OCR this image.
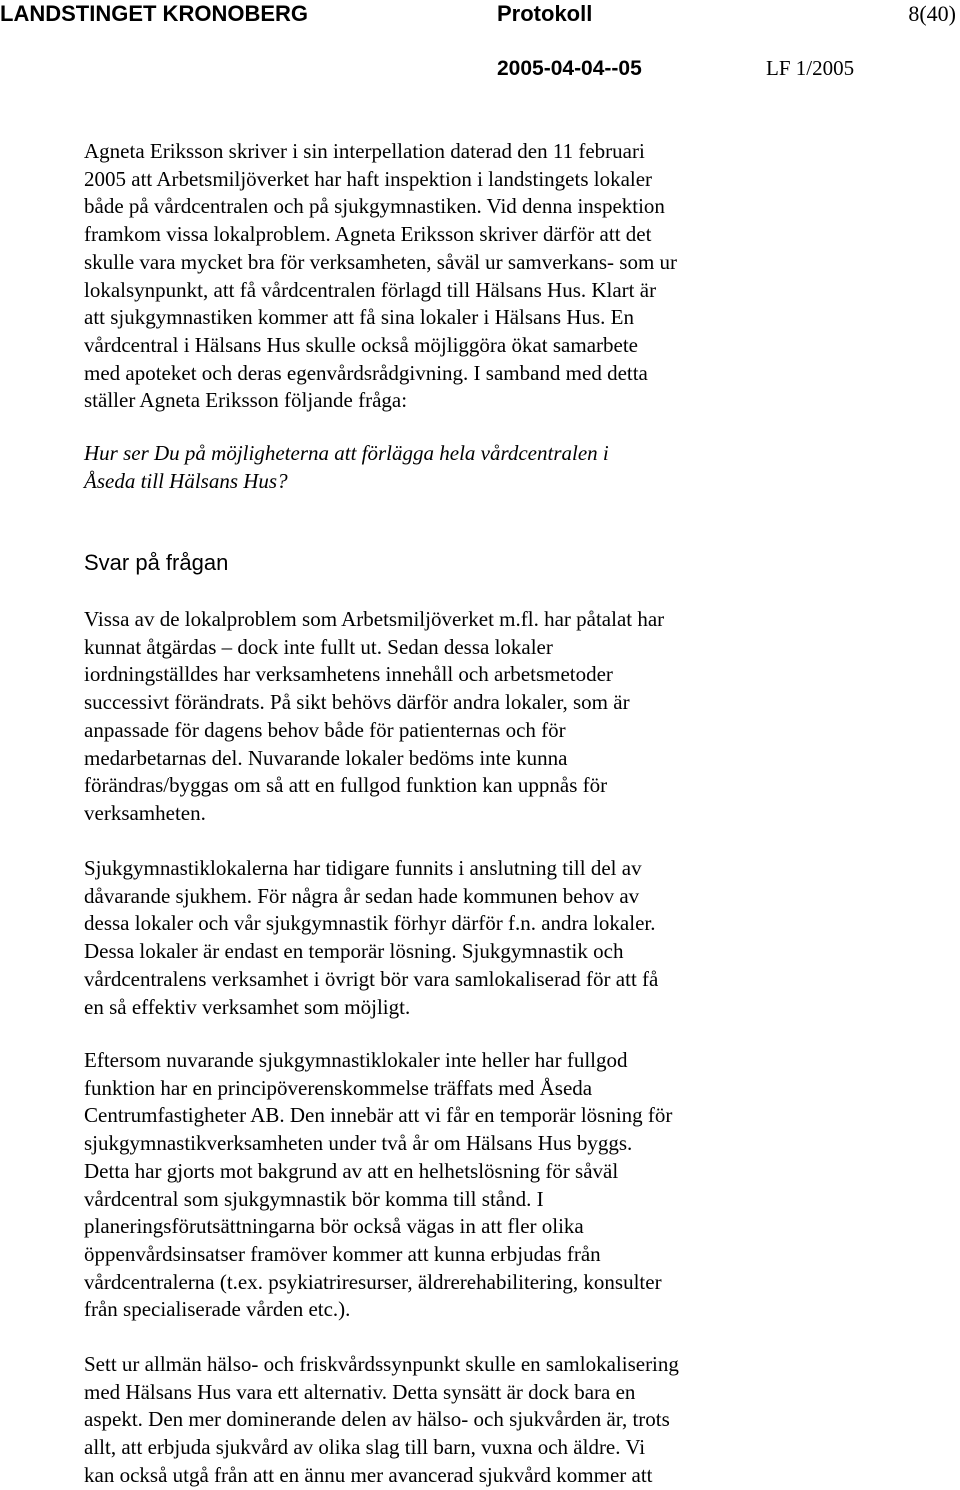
LANDSTINGET KRONOBERG	Protokoll	8(40)
2005-04-04--05	LF 1/2005
Agneta Eriksson skriver i sin interpellation daterad den 11 februari
2005 att Arbetsmiljöverket har haft inspektion i landstingets lokaler
både på vårdcentralen och på sjukgymnastiken. Vid denna inspektion
framkom vissa lokalproblem. Agneta Eriksson skriver därför att det
skulle vara mycket bra för verksamheten, såväl ur samverkans- som ur
lokalsynpunkt, att få vårdcentralen förlagd till Hälsans Hus. Klart är
att sjukgymnastiken kommer att få sina lokaler i Hälsans Hus. En
vårdcentral i Hälsans Hus skulle också möjliggöra ökat samarbete
med apoteket och deras egenvårdsrådgivning. I samband med detta
ställer Agneta Eriksson följande fråga:
Hur ser Du på möjligheterna att förlägga hela vårdcentralen i
Åseda till Hälsans Hus?
Svar på frågan
Vissa av de lokalproblem som Arbetsmiljöverket m.fl. har påtalat har
kunnat åtgärdas – dock inte fullt ut. Sedan dessa lokaler
iordningställdes har verksamhetens innehåll och arbetsmetoder
successivt förändrats. På sikt behövs därför andra lokaler, som är
anpassade för dagens behov både för patienternas och för
medarbetarnas del. Nuvarande lokaler bedöms inte kunna
förändras/byggas om så att en fullgod funktion kan uppnås för
verksamheten.
Sjukgymnastiklokalerna har tidigare funnits i anslutning till del av
dåvarande sjukhem. För några år sedan hade kommunen behov av
dessa lokaler och vår sjukgymnastik förhyr därför f.n. andra lokaler.
Dessa lokaler är endast en temporär lösning. Sjukgymnastik och
vårdcentralens verksamhet i övrigt bör vara samlokaliserad för att få
en så effektiv verksamhet som möjligt.
Eftersom nuvarande sjukgymnastiklokaler inte heller har fullgod
funktion har en principöverenskommelse träffats med Åseda
Centrumfastigheter AB. Den innebär att vi får en temporär lösning för
sjukgymnastikverksamheten under två år om Hälsans Hus byggs.
Detta har gjorts mot bakgrund av att en helhetslösning för såväl
vårdcentral som sjukgymnastik bör komma till stånd. I
planeringsförutsättningarna bör också vägas in att fler olika
öppenvårdsinsatser framöver kommer att kunna erbjudas från
vårdcentralerna (t.ex. psykiatriresurser, äldrerehabilitering, konsulter
från specialiserade vården etc.).
Sett ur allmän hälso- och friskvårdssynpunkt skulle en samlokalisering
med Hälsans Hus vara ett alternativ. Detta synsätt är dock bara en
aspekt. Den mer dominerande delen av hälso- och sjukvården är, trots
allt, att erbjuda sjukvård av olika slag till barn, vuxna och äldre. Vi
kan också utgå från att en ännu mer avancerad sjukvård kommer att
